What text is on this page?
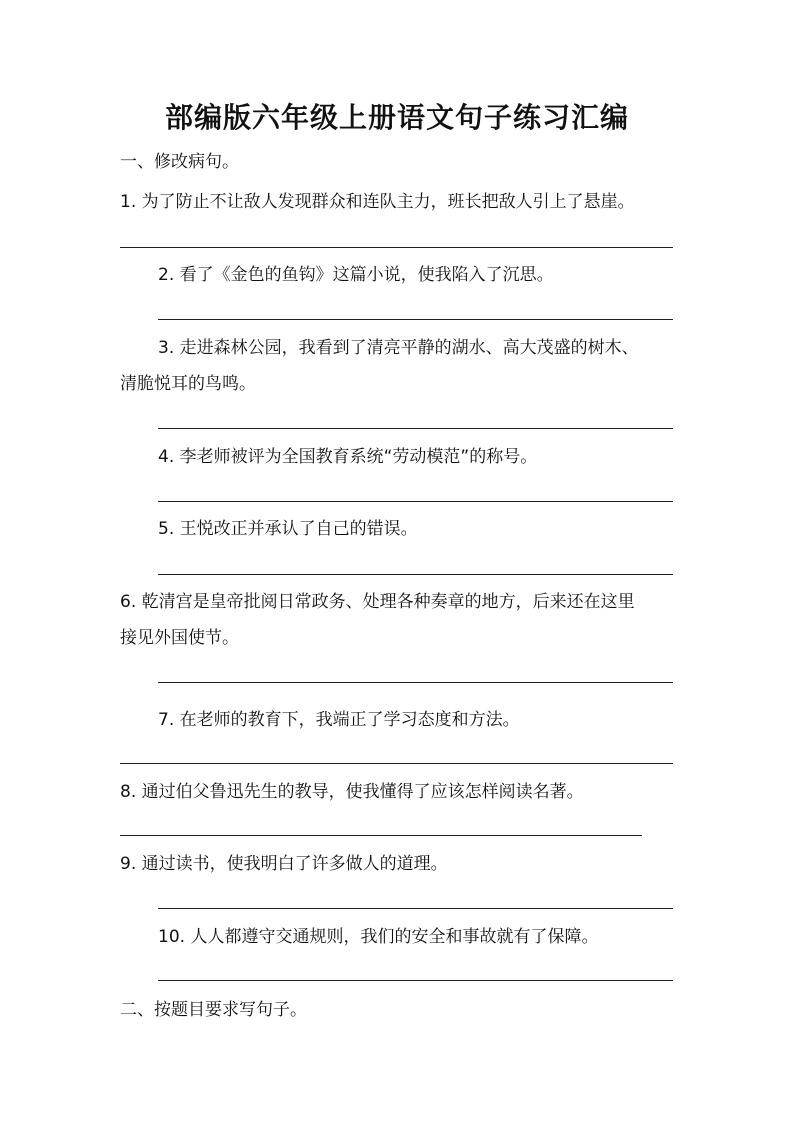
部编版六年级上册语文句子练习汇编
一、修改病句。
1. 为了防止不让敌人发现群众和连队主力，班长把敌人引上了悬崖。
2. 看了《金色的鱼钩》这篇小说，使我陷入了沉思。
3. 走进森林公园，我看到了清亮平静的湖水、高大茂盛的树木、
清脆悦耳的鸟鸣。
4. 李老师被评为全国教育系统“劳动模范”的称号。
5. 王悦改正并承认了自己的错误。
6. 乾清宫是皇帝批阅日常政务、处理各种奏章的地方，后来还在这里
接见外国使节。
7. 在老师的教育下，我端正了学习态度和方法。
8. 通过伯父鲁迅先生的教导，使我懂得了应该怎样阅读名著。
9. 通过读书，使我明白了许多做人的道理。
10. 人人都遵守交通规则，我们的安全和事故就有了保障。
二、按题目要求写句子。
